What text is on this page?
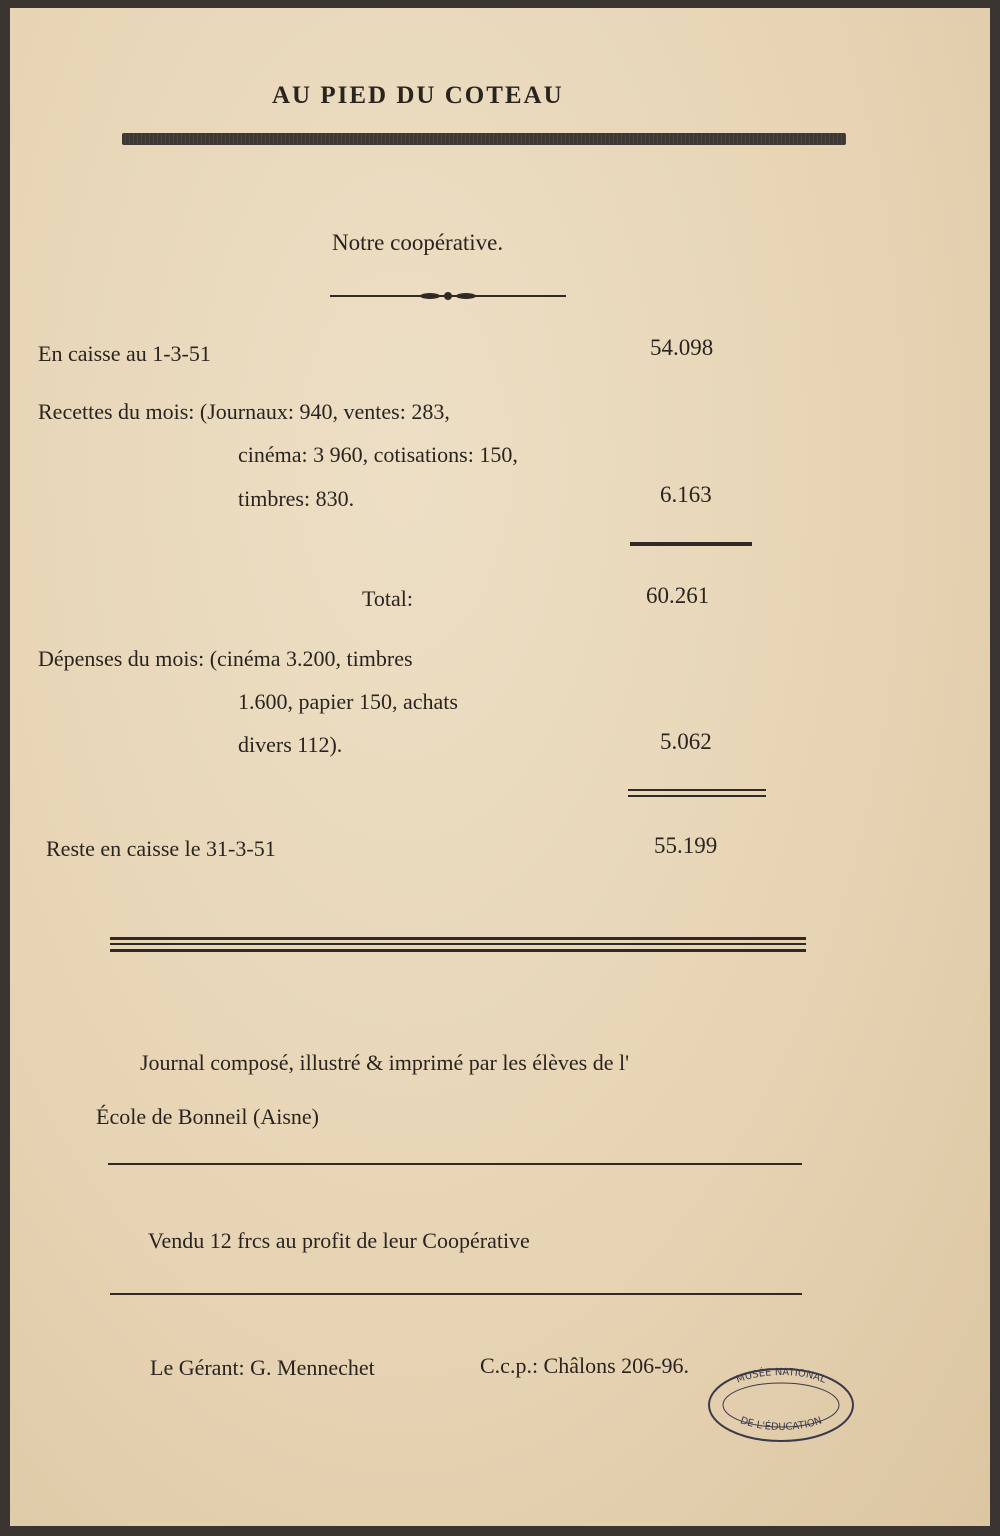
AU PIED DU COTEAU
Notre coopérative.
En caisse au 1-3-51	54.098
Recettes du mois: (Journaux: 940, ventes: 283,
cinéma: 3 960, cotisations: 150,
timbres: 830.	6.163
Total:	60.261
Dépenses du mois: (cinéma 3.200, timbres
1.600, papier 150, achats
divers 112).	5.062
Reste en caisse le 31-3-51	55.199
Journal composé, illustré & imprimé par les élèves de l'
École de Bonneil (Aisne)
Vendu 12 frcs au profit de leur Coopérative
Le Gérant: G. Mennechet	C.c.p.: Châlons 206-96.
MUSÉE NATIONAL
DE L'ÉDUCATION
